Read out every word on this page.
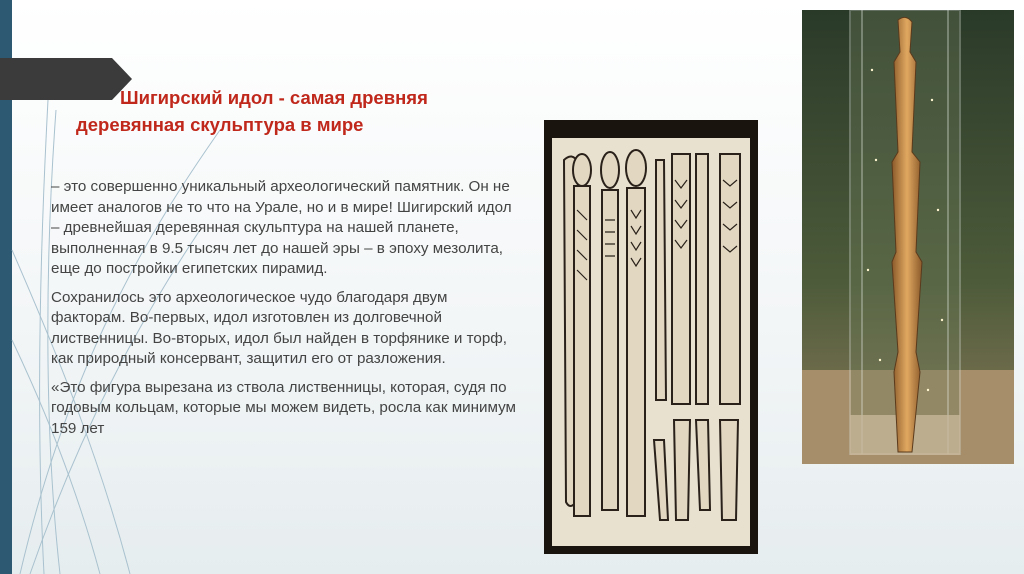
Шигирский идол - самая древняя
деревянная скульптура в мире

– это совершенно уникальный археологический памятник. Он не имеет аналогов не то что на Урале, но и в мире! Шигирский идол – древнейшая деревянная скульптура на нашей планете, выполненная в 9.5 тысяч лет до нашей эры – в эпоху мезолита, еще до постройки египетских пирамид.

Сохранилось это археологическое чудо благодаря двум факторам. Во-первых, идол изготовлен из долговечной лиственницы. Во-вторых, идол был найден в торфянике и торф, как природный консервант, защитил его от разложения.

«Это фигура вырезана из ствола лиственницы, которая, судя по годовым кольцам, которые мы можем видеть, росла как минимум 159 лет
